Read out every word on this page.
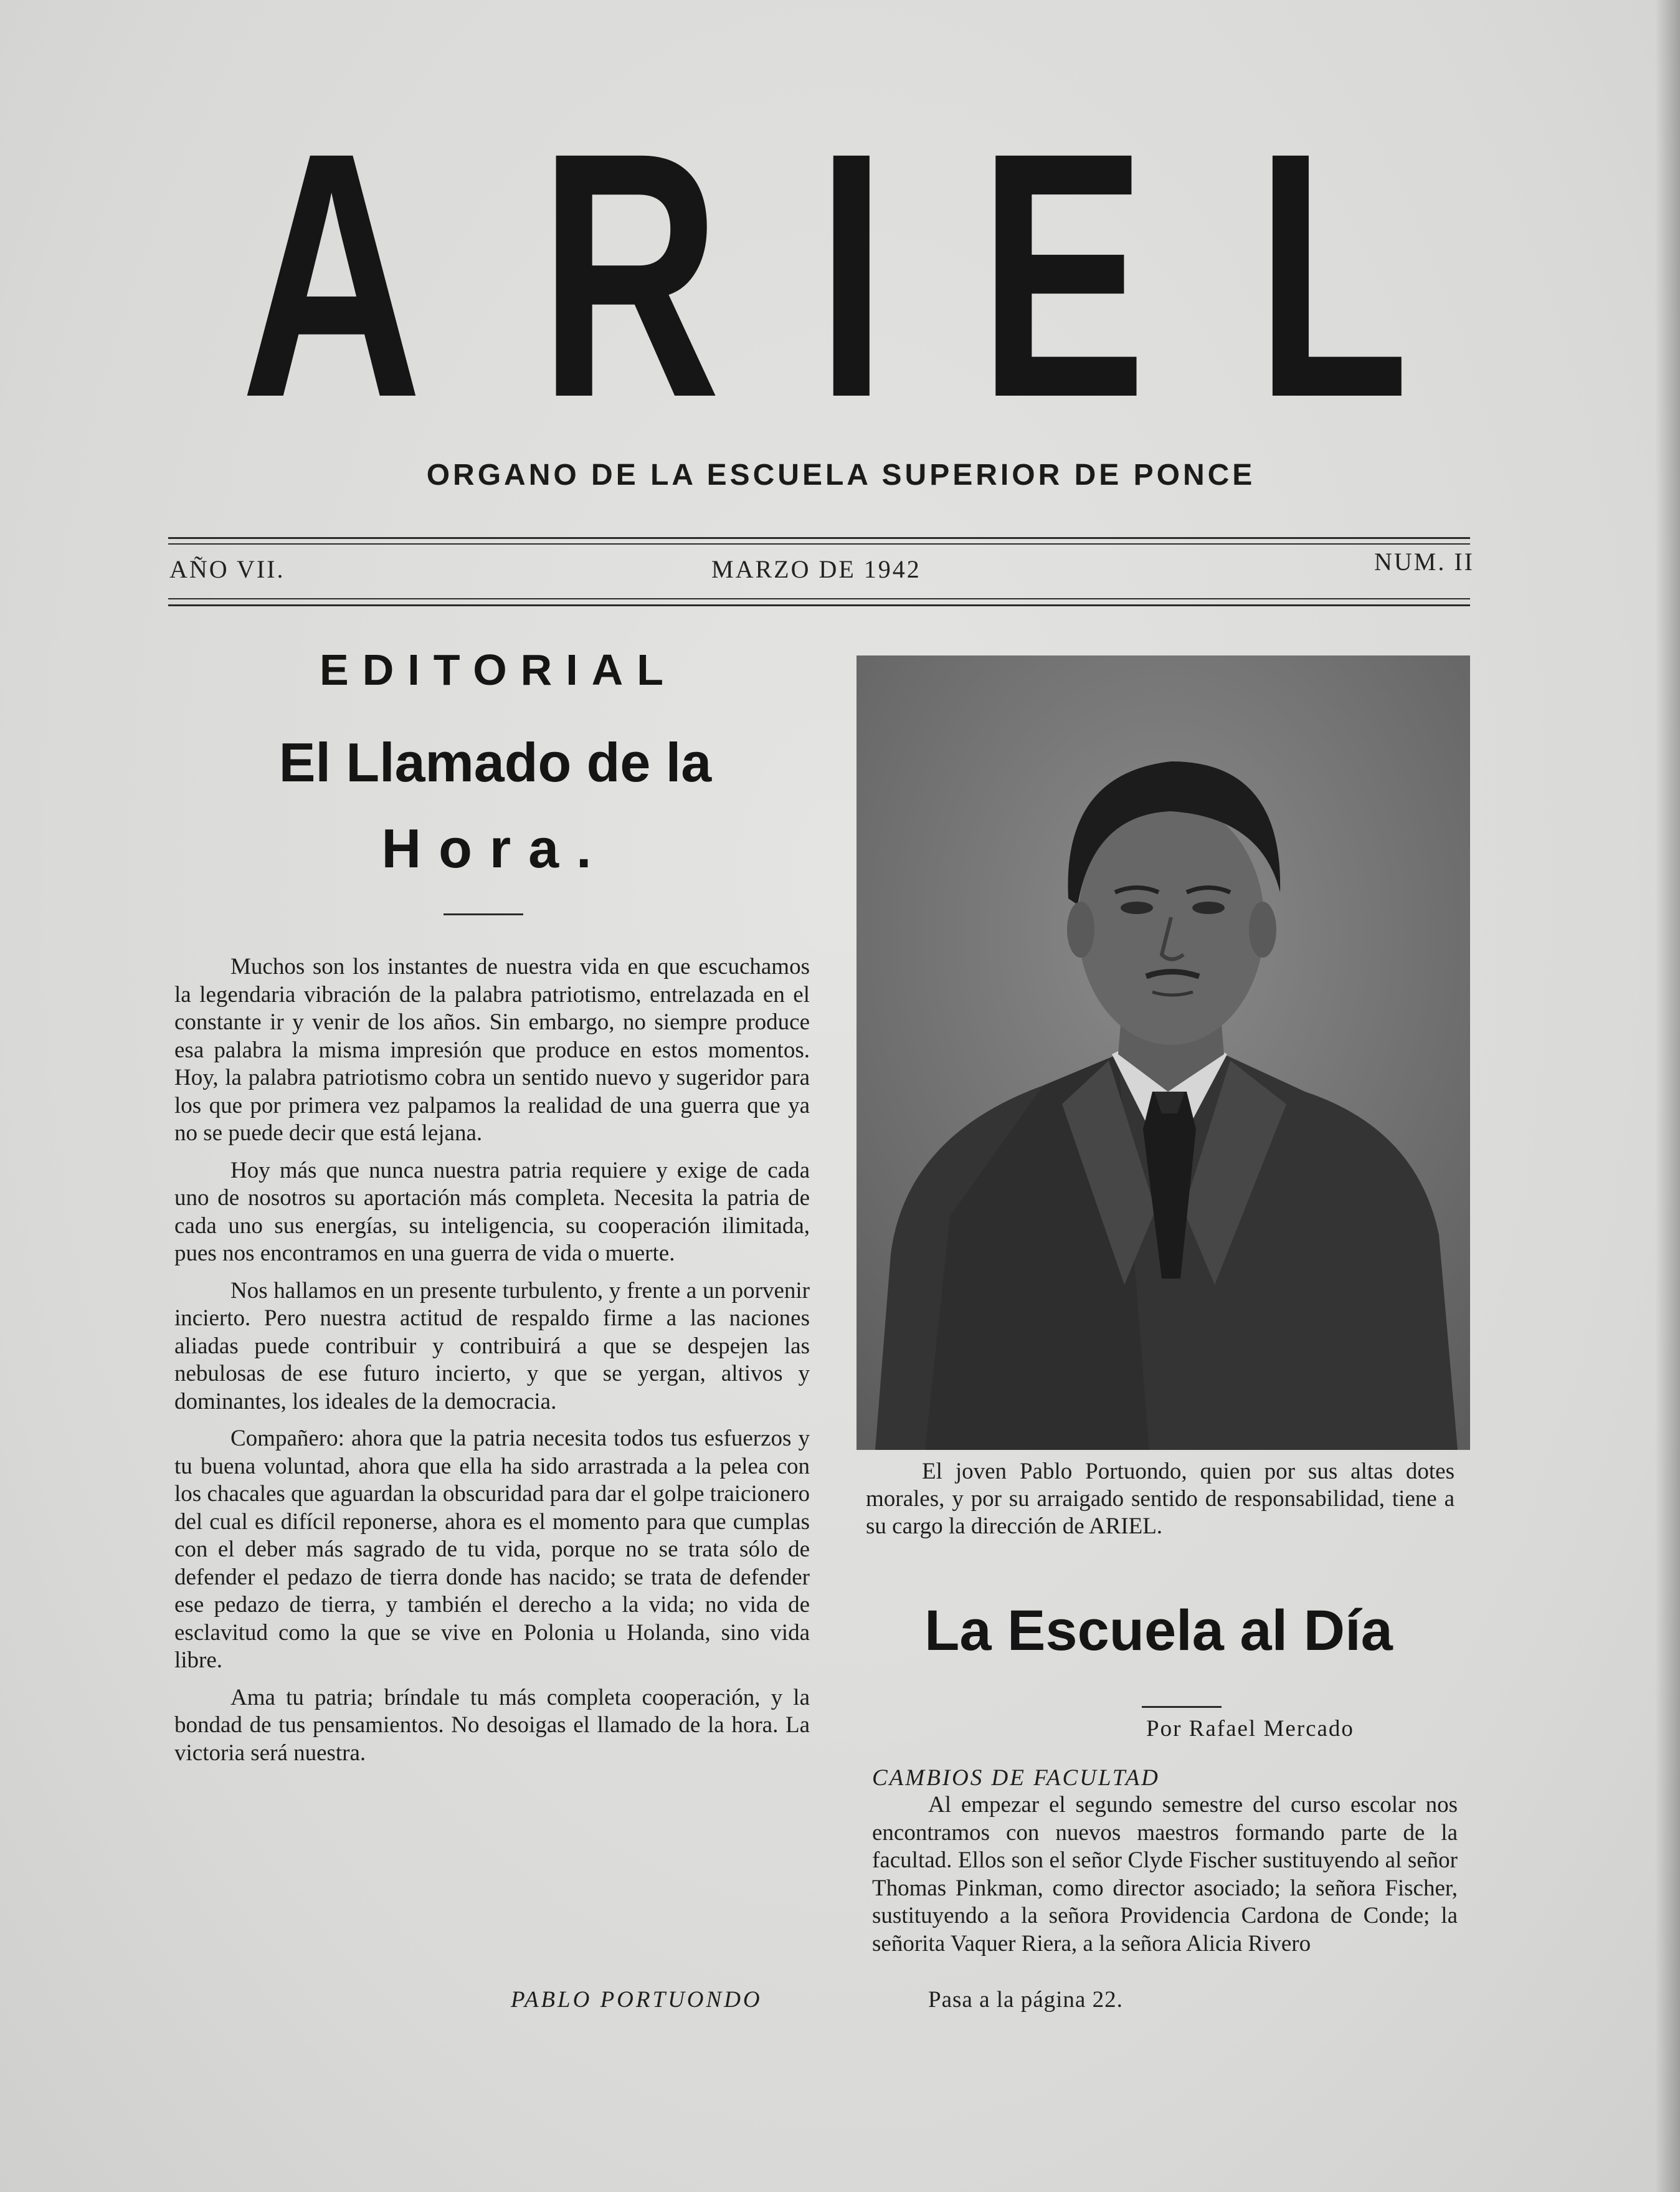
A R I E L
ORGANO DE LA ESCUELA SUPERIOR DE PONCE
AÑO VII.	MARZO DE 1942	NUM. II
EDITORIAL
El Llamado de la
Hora.

Muchos son los instantes de nuestra vida en que escuchamos la legendaria vibración de la palabra patriotismo, entrelazada en el constante ir y venir de los años. Sin embargo, no siempre produce esa palabra la misma impresión que produce en estos momentos. Hoy, la palabra patriotismo cobra un sentido nuevo y sugeridor para los que por primera vez palpamos la realidad de una guerra que ya no se puede decir que está lejana.

Hoy más que nunca nuestra patria requiere y exige de cada uno de nosotros su aportación más completa. Necesita la patria de cada uno sus energías, su inteligencia, su cooperación ilimitada, pues nos encontramos en una guerra de vida o muerte.

Nos hallamos en un presente turbulento, y frente a un porvenir incierto. Pero nuestra actitud de respaldo firme a las naciones aliadas puede contribuir y contribuirá a que se despejen las nebulosas de ese futuro incierto, y que se yergan, altivos y dominantes, los ideales de la democracia.

Compañero: ahora que la patria necesita todos tus esfuerzos y tu buena voluntad, ahora que ella ha sido arrastrada a la pelea con los chacales que aguardan la obscuridad para dar el golpe traicionero del cual es difícil reponerse, ahora es el momento para que cumplas con el deber más sagrado de tu vida, porque no se trata sólo de defender el pedazo de tierra donde has nacido; se trata de defender ese pedazo de tierra, y también el derecho a la vida; no vida de esclavitud como la que se vive en Polonia u Holanda, sino vida libre.

Ama tu patria; bríndale tu más completa cooperación, y la bondad de tus pensamientos. No desoigas el llamado de la hora. La victoria será nuestra.

PABLO PORTUONDO

El joven Pablo Portuondo, quien por sus altas dotes morales, y por su arraigado sentido de responsabilidad, tiene a su cargo la dirección de ARIEL.

La Escuela al Día
Por Rafael Mercado
CAMBIOS DE FACULTAD

Al empezar el segundo semestre del curso escolar nos encontramos con nuevos maestros formando parte de la facultad. Ellos son el señor Clyde Fischer sustituyendo al señor Thomas Pinkman, como director asociado; la señora Fischer, sustituyendo a la señora Providencia Cardona de Conde; la señorita Vaquer Riera, a la señora Alicia Rivero

Pasa a la página 22.
